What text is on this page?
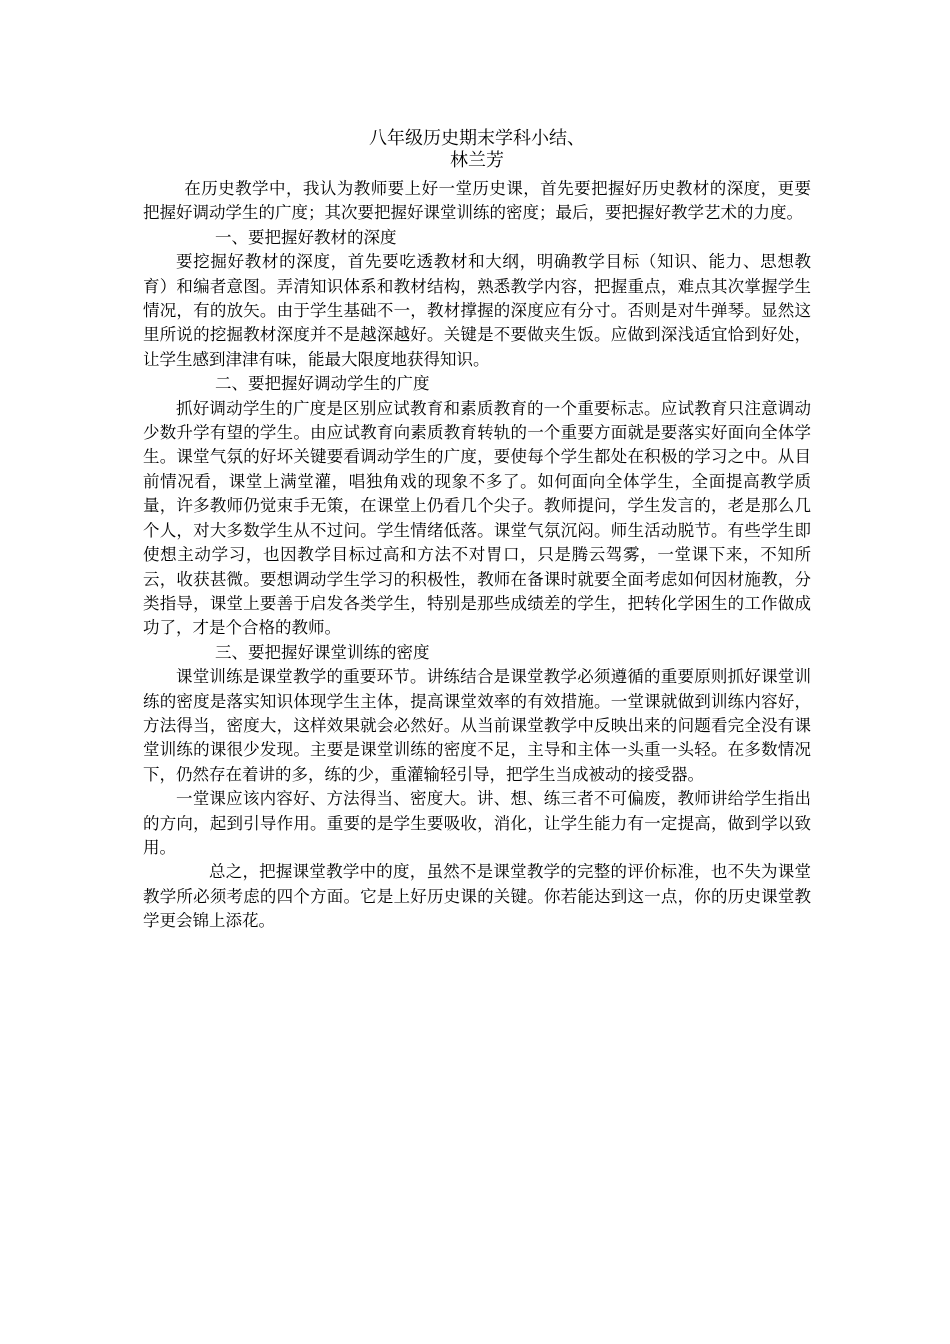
八年级历史期末学科小结、
林兰芳

在历史教学中，我认为教师要上好一堂历史课，首先要把握好历史教材的深度，更要把握好调动学生的广度；其次要把握好课堂训练的密度；最后，要把握好教学艺术的力度。

一、要把握好教材的深度

要挖掘好教材的深度，首先要吃透教材和大纲，明确教学目标（知识、能力、思想教育）和编者意图。弄清知识体系和教材结构，熟悉教学内容，把握重点，难点其次掌握学生情况，有的放矢。由于学生基础不一，教材撑握的深度应有分寸。否则是对牛弹琴。显然这里所说的挖掘教材深度并不是越深越好。关键是不要做夹生饭。应做到深浅适宜恰到好处，让学生感到津津有味，能最大限度地获得知识。

二、要把握好调动学生的广度

抓好调动学生的广度是区别应试教育和素质教育的一个重要标志。应试教育只注意调动少数升学有望的学生。由应试教育向素质教育转轨的一个重要方面就是要落实好面向全体学生。课堂气氛的好坏关键要看调动学生的广度，要使每个学生都处在积极的学习之中。从目前情况看，课堂上满堂灌，唱独角戏的现象不多了。如何面向全体学生，全面提高教学质量，许多教师仍觉束手无策，在课堂上仍看几个尖子。教师提问，学生发言的，老是那么几个人，对大多数学生从不过问。学生情绪低落。课堂气氛沉闷。师生活动脱节。有些学生即使想主动学习，也因教学目标过高和方法不对胃口，只是腾云驾雾，一堂课下来，不知所云，收获甚微。要想调动学生学习的积极性，教师在备课时就要全面考虑如何因材施教，分类指导，课堂上要善于启发各类学生，特别是那些成绩差的学生，把转化学困生的工作做成功了，才是个合格的教师。

三、要把握好课堂训练的密度

课堂训练是课堂教学的重要环节。讲练结合是课堂教学必须遵循的重要原则抓好课堂训练的密度是落实知识体现学生主体，提高课堂效率的有效措施。一堂课就做到训练内容好，方法得当，密度大，这样效果就会必然好。从当前课堂教学中反映出来的问题看完全没有课堂训练的课很少发现。主要是课堂训练的密度不足，主导和主体一头重一头轻。在多数情况下，仍然存在着讲的多，练的少，重灌输轻引导，把学生当成被动的接受器。

一堂课应该内容好、方法得当、密度大。讲、想、练三者不可偏废，教师讲给学生指出的方向，起到引导作用。重要的是学生要吸收，消化，让学生能力有一定提高，做到学以致用。

总之，把握课堂教学中的度，虽然不是课堂教学的完整的评价标准，也不失为课堂教学所必须考虑的四个方面。它是上好历史课的关键。你若能达到这一点，你的历史课堂教学更会锦上添花。
